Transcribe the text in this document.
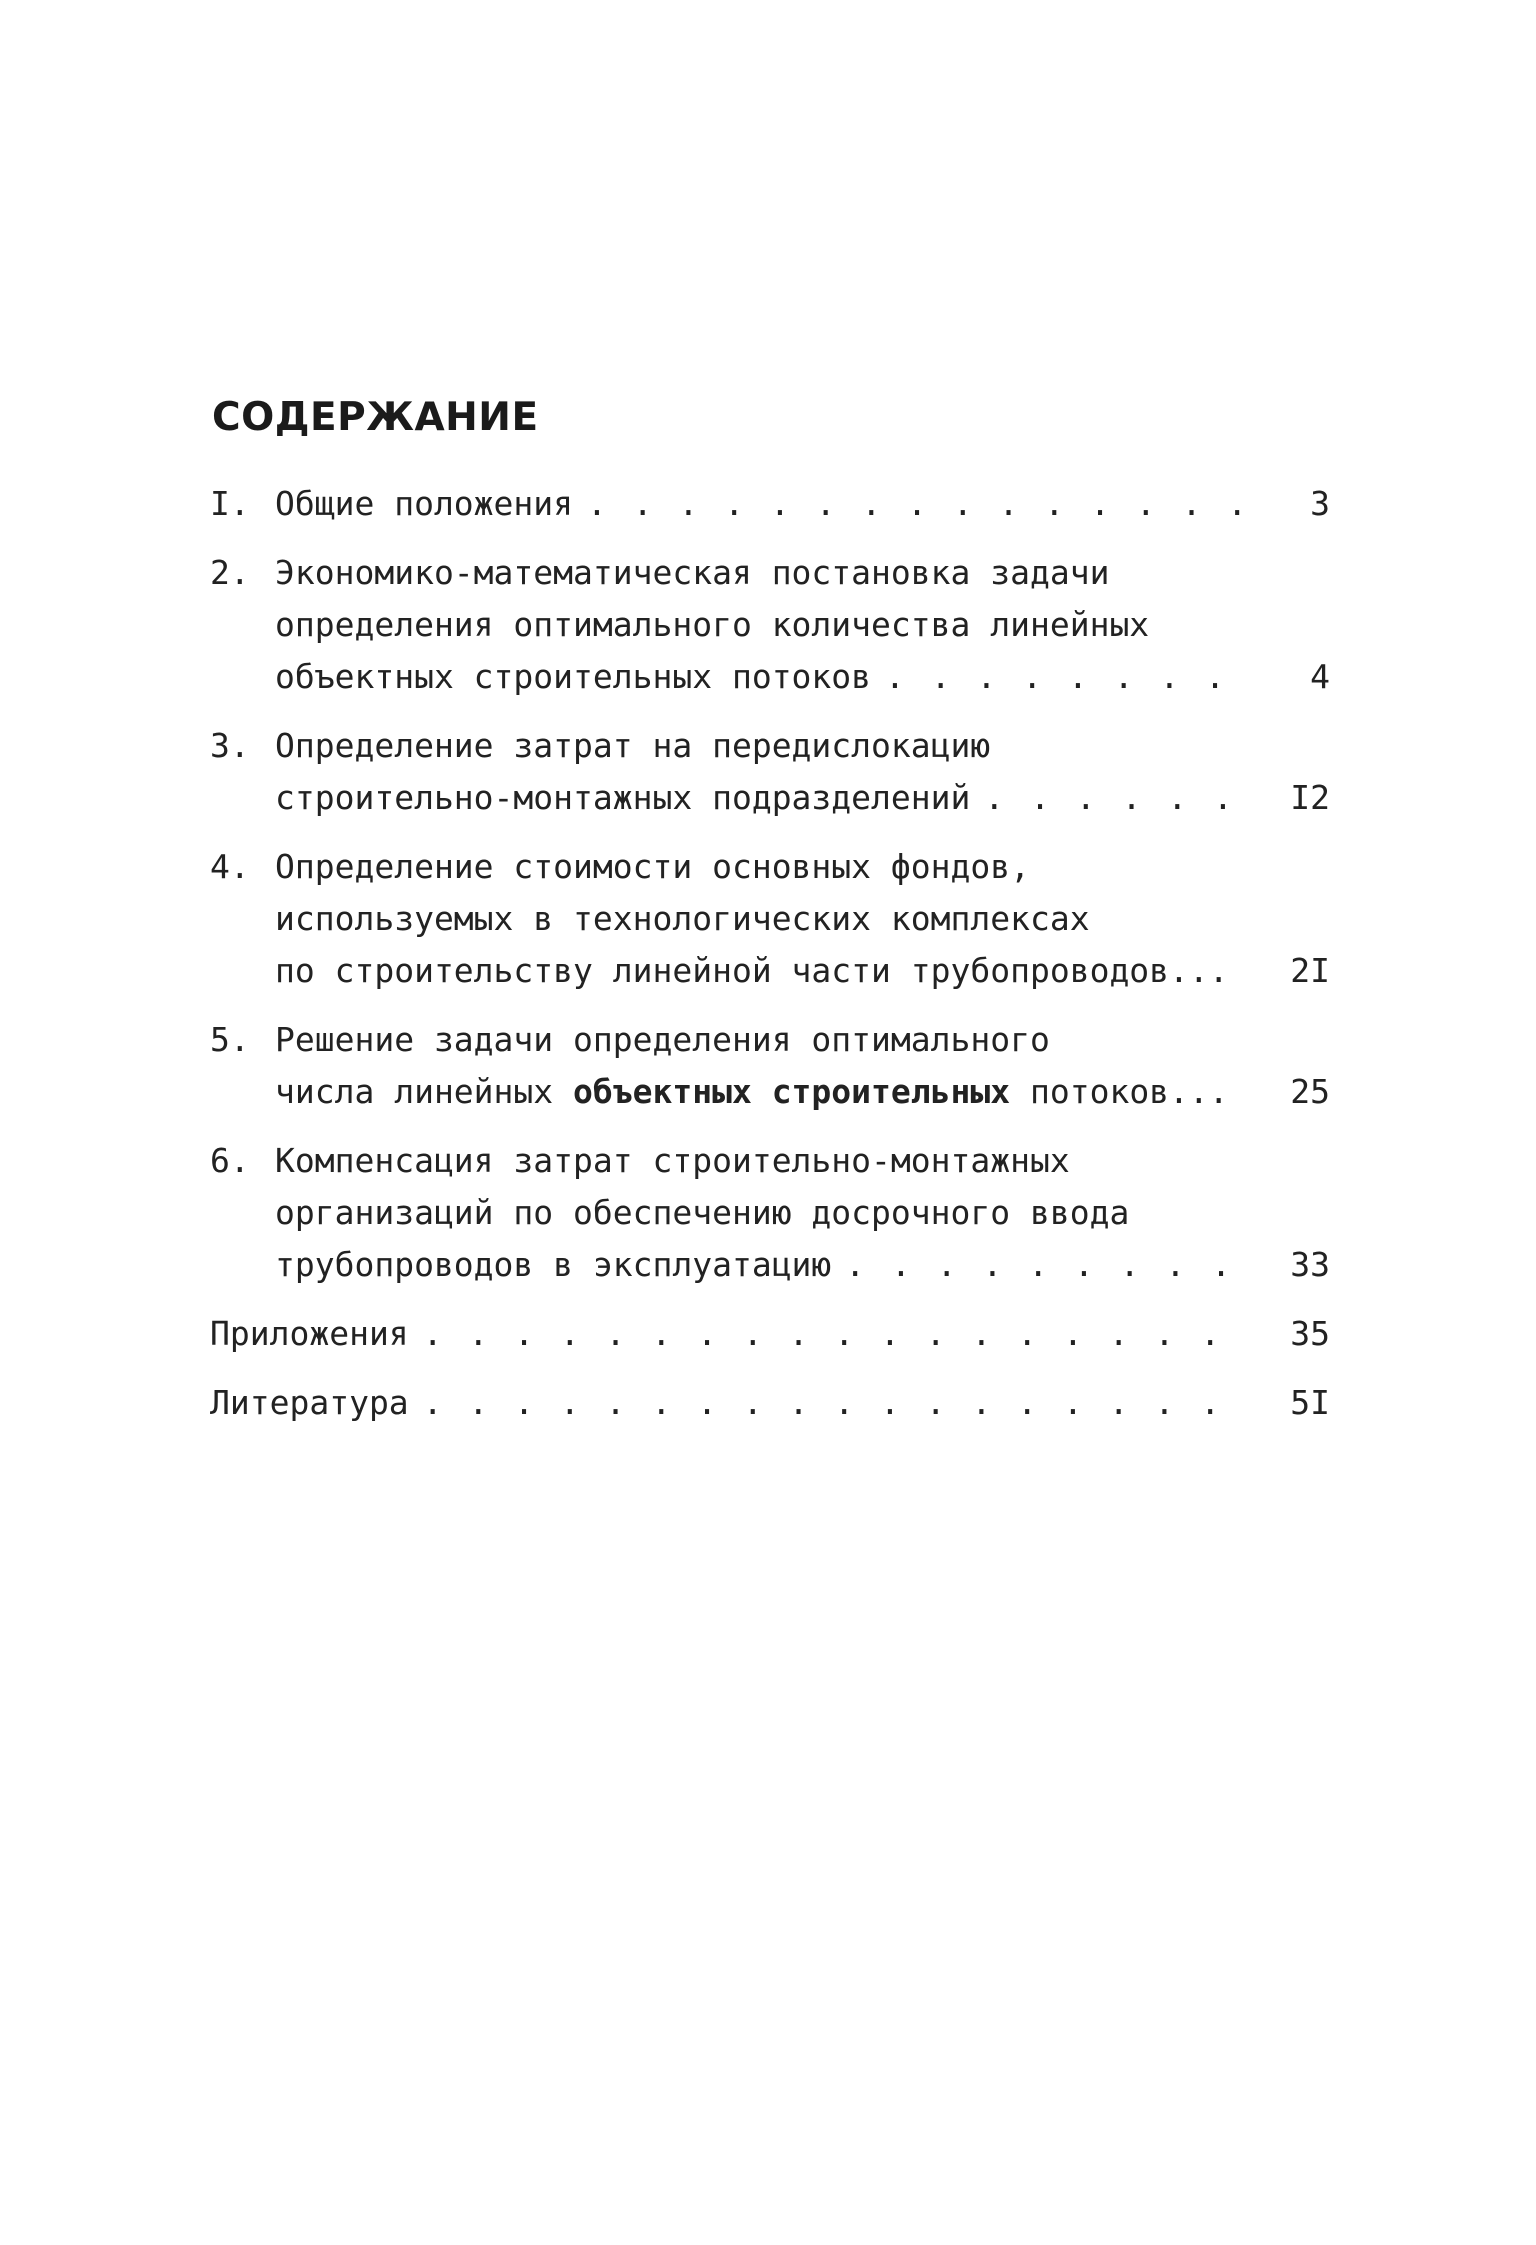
СОДЕРЖАНИЕ
I. Общие положения . . .	3
2. Экономико-математическая постановка задачи
определения оптимального количества линейных
объектных строительных потоков . . .	4
3. Определение затрат на передислокацию
строительно-монтажных подразделений . . .	I2
4. Определение стоимости основных фондов,
используемых в технологических комплексах
по строительству линейной части трубопроводов...	2I
5. Решение задачи определения оптимального
числа линейных объектных строительных потоков...	25
6. Компенсация затрат строительно-монтажных
организаций по обеспечению досрочного ввода
трубопроводов в эксплуатацию . . .	33
Приложения . . .	35
Литература . . .	5I
